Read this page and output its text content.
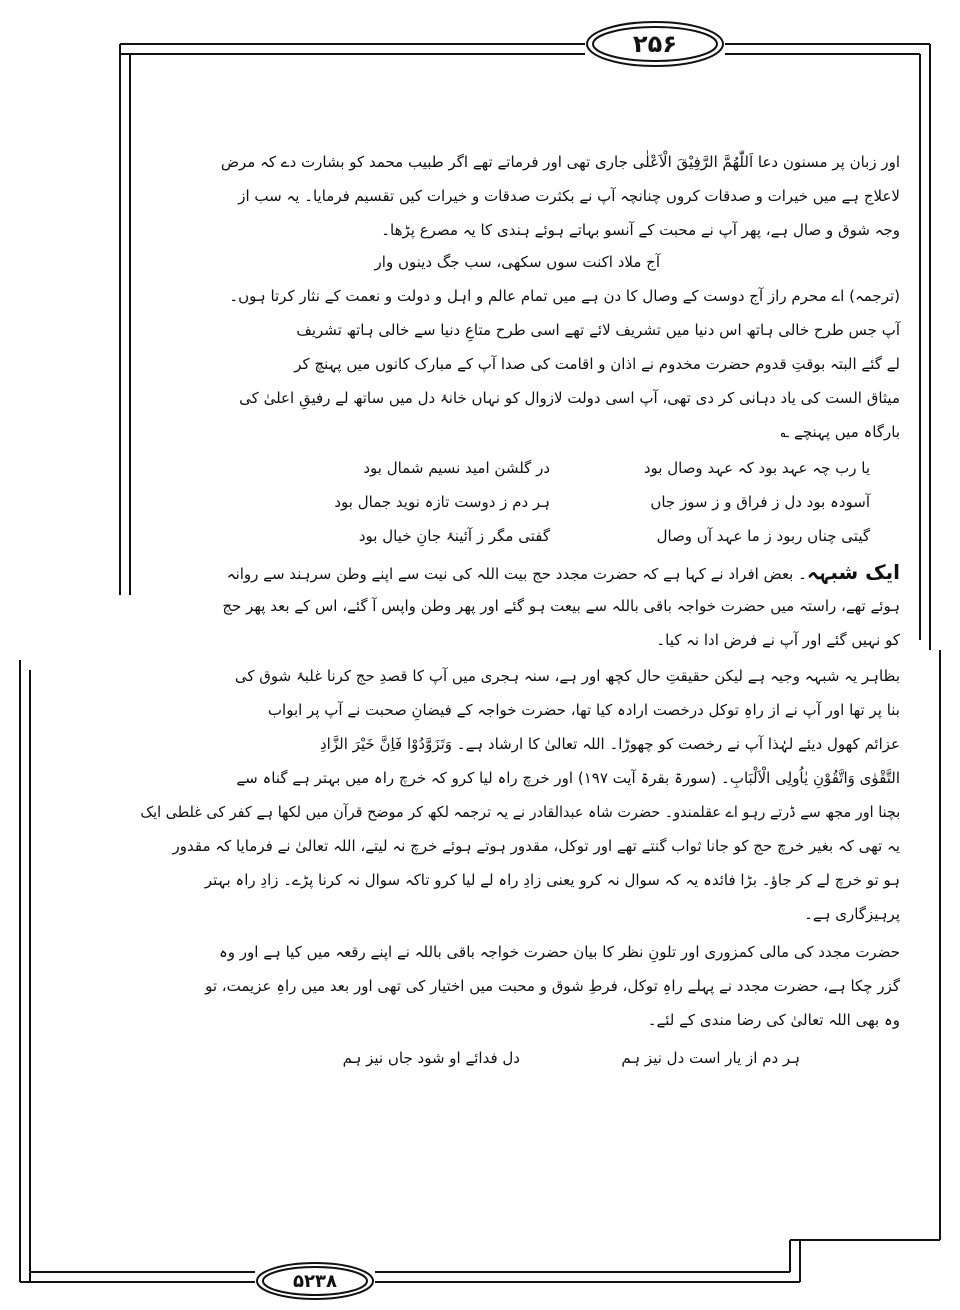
۲۵۶
۵۲۳۸
اور زبان پر مسنون دعا اَللّٰھُمَّ الرَّفِیْقَ الْاَعْلٰی جاری تھی اور فرماتے تھے اگر طبیب محمد کو بشارت دے کہ مرض
لاعلاج ہے میں خیرات و صدقات کروں چنانچہ آپ نے بکثرت صدقات و خیرات کیں تقسیم فرمایا۔ یہ سب از
وجہ شوق و صال ہے، پھر آپ نے محبت کے آنسو بہاتے ہوئے ہندی کا یہ مصرع پڑھا۔
آج ملاد اکنت سوں سکھی، سب جگ دینوں وار
(ترجمہ) اے محرم راز آج دوست کے وصال کا دن ہے میں تمام عالم و اہل و دولت و نعمت کے نثار کرتا ہوں۔
آپ جس طرح خالی ہاتھ اس دنیا میں تشریف لائے تھے اسی طرح متاعِ دنیا سے خالی ہاتھ تشریف
لے گئے البتہ بوقتِ قدوم حضرت مخدوم نے اذان و اقامت کی صدا آپ کے مبارک کانوں میں پہنچ کر
میثاق الست کی یاد دہانی کر دی تھی، آپ اسی دولت لازوال کو نہاں خانۂ دل میں ساتھ لے رفیقِ اعلیٰ کی
بارگاہ میں پہنچے ؎
یا رب چہ عہد بود کہ عہد وصال بود
در گلشن امید نسیم شمال بود
آسودہ بود دل ز فراق و ز سوز جاں
ہر دم ز دوست تازہ نوید جمال بود
گیتی چناں ربود ز ما عہد آں وصال
گفتی مگر ز آئینۂ جانِ خیال بود
ایک شبہہ۔ بعض افراد نے کہا ہے کہ حضرت مجدد حج بیت اللہ کی نیت سے اپنے وطن سرہند سے روانہ
ہوئے تھے، راستہ میں حضرت خواجہ باقی باللہ سے بیعت ہو گئے اور پھر وطن واپس آ گئے، اس کے بعد پھر حج
کو نہیں گئے اور آپ نے فرض ادا نہ کیا۔
بظاہر یہ شبہہ وجیہ ہے لیکن حقیقتِ حال کچھ اور ہے، سنہ ہجری میں آپ کا قصدِ حج کرنا غلبۂ شوق کی
بنا پر تھا اور آپ نے از راہِ توکل درخصت ارادہ کیا تھا، حضرت خواجہ کے فیضانِ صحبت نے آپ پر ابواب
عزائم کھول دیئے لہٰذا آپ نے رخصت کو چھوڑا۔ اللہ تعالیٰ کا ارشاد ہے۔ وَتَزَوَّدُوْا فَاِنَّ خَیْرَ الزَّادِ
التَّقْوٰی وَاتَّقُوْنِ یٰاُولِی الْاَلْبَابِ۔ (سورۃ بقرۃ آیت ۱۹۷) اور خرچ راہ لیا کرو کہ خرچ راہ میں بہتر ہے گناہ سے
بچنا اور مجھ سے ڈرتے رہو اے عقلمندو۔ حضرت شاہ عبدالقادر نے یہ ترجمہ لکھ کر موضح قرآن میں لکھا ہے کفر کی غلطی ایک
یہ تھی کہ بغیر خرچ حج کو جانا ثواب گنتے تھے اور توکل، مقدور ہوتے ہوئے خرچ نہ لیتے، اللہ تعالیٰ نے فرمایا کہ مقدور
ہو تو خرچ لے کر جاؤ۔ بڑا فائدہ یہ کہ سوال نہ کرو یعنی زادِ راہ لے لیا کرو تاکہ سوال نہ کرنا پڑے۔ زادِ راہ بہتر
پرہیزگاری ہے۔
حضرت مجدد کی مالی کمزوری اور تلونِ نظر کا بیان حضرت خواجہ باقی باللہ نے اپنے رقعہ میں کیا ہے اور وہ
گزر چکا ہے، حضرت مجدد نے پہلے راہِ توکل، فرطِ شوق و محبت میں اختیار کی تھی اور بعد میں راہِ عزیمت، تو
وہ بھی اللہ تعالیٰ کی رضا مندی کے لئے۔
ہر دم از یار است دل نیز ہم
دل فدائے او شود جاں نیز ہم
